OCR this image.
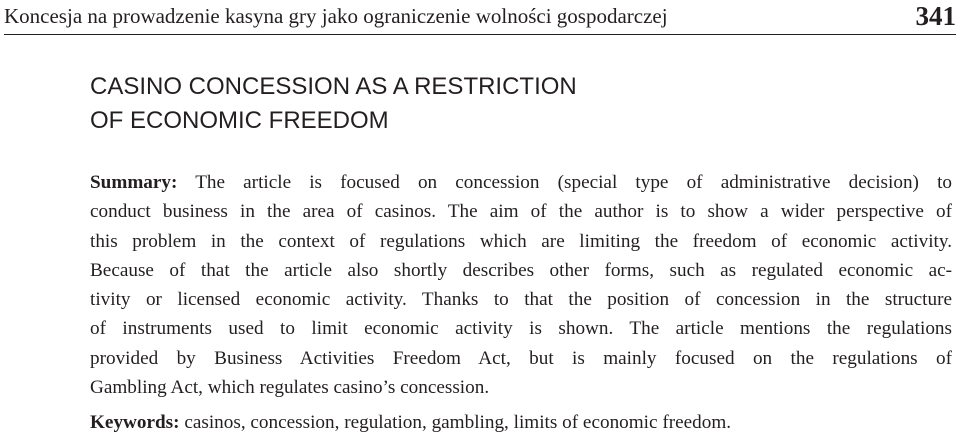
Koncesja na prowadzenie kasyna gry jako ograniczenie wolności gospodarczej	341
CASINO CONCESSION AS A RESTRICTION
OF ECONOMIC FREEDOM
Summary: The article is focused on concession (special type of administrative decision) to
conduct business in the area of casinos. The aim of the author is to show a wider perspective of
this problem in the context of regulations which are limiting the freedom of economic activity.
Because of that the article also shortly describes other forms, such as regulated economic ac-
tivity or licensed economic activity. Thanks to that the position of concession in the structure
of instruments used to limit economic activity is shown. The article mentions the regulations
provided by Business Activities Freedom Act, but is mainly focused on the regulations of
Gambling Act, which regulates casino’s concession.

Keywords: casinos, concession, regulation, gambling, limits of economic freedom.
